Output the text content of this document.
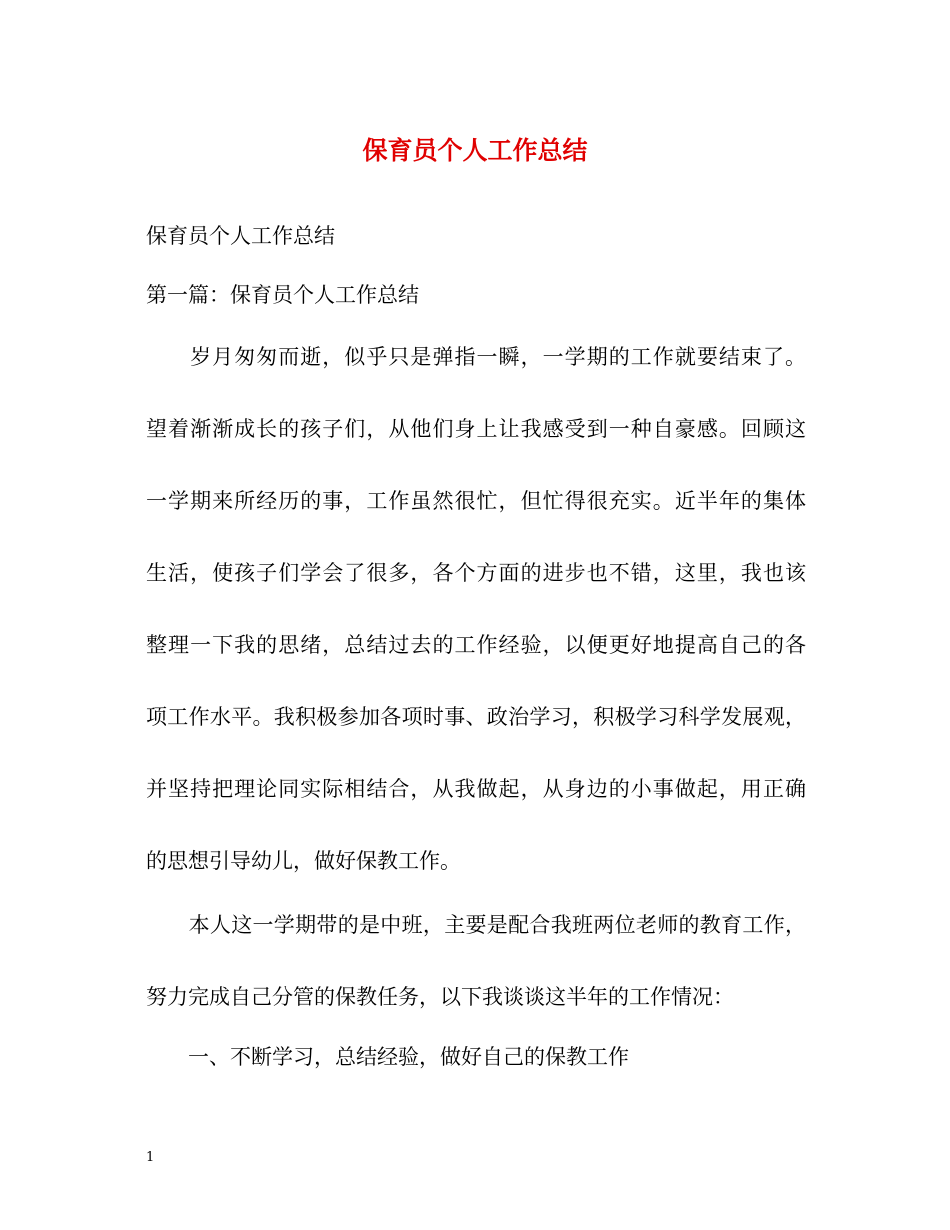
保育员个人工作总结
保育员个人工作总结
第一篇：保育员个人工作总结
　　岁月匆匆而逝，似乎只是弹指一瞬，一学期的工作就要结束了。
望着渐渐成长的孩子们，从他们身上让我感受到一种自豪感。回顾这
一学期来所经历的事，工作虽然很忙，但忙得很充实。近半年的集体
生活，使孩子们学会了很多，各个方面的进步也不错，这里，我也该
整理一下我的思绪，总结过去的工作经验，以便更好地提高自己的各
项工作水平。我积极参加各项时事、政治学习，积极学习科学发展观，
并坚持把理论同实际相结合，从我做起，从身边的小事做起，用正确
的思想引导幼儿，做好保教工作。
　　本人这一学期带的是中班，主要是配合我班两位老师的教育工作，
努力完成自己分管的保教任务，以下我谈谈这半年的工作情况：
　　一、不断学习，总结经验，做好自己的保教工作
1
